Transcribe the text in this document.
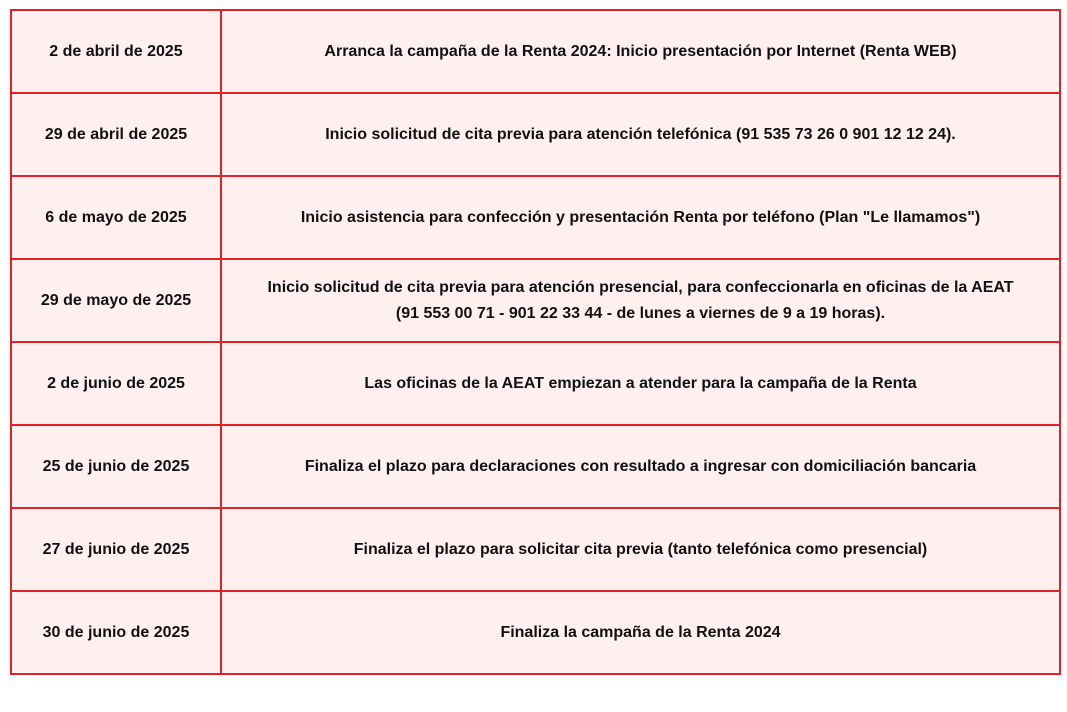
2 de abril de 2025	Arranca la campaña de la Renta 2024: Inicio presentación por Internet (Renta WEB)

29 de abril de 2025	Inicio solicitud de cita previa para atención telefónica (91 535 73 26 0 901 12 12 24).

6 de mayo de 2025	Inicio asistencia para confección y presentación Renta por teléfono (Plan "Le llamamos")

29 de mayo de 2025	Inicio solicitud de cita previa para atención presencial, para confeccionarla en oficinas de la AEAT
(91 553 00 71 - 901 22 33 44 - de lunes a viernes de 9 a 19 horas).

2 de junio de 2025	Las oficinas de la AEAT empiezan a atender para la campaña de la Renta

25 de junio de 2025	Finaliza el plazo para declaraciones con resultado a ingresar con domiciliación bancaria

27 de junio de 2025	Finaliza el plazo para solicitar cita previa (tanto telefónica como presencial)

30 de junio de 2025	Finaliza la campaña de la Renta 2024
